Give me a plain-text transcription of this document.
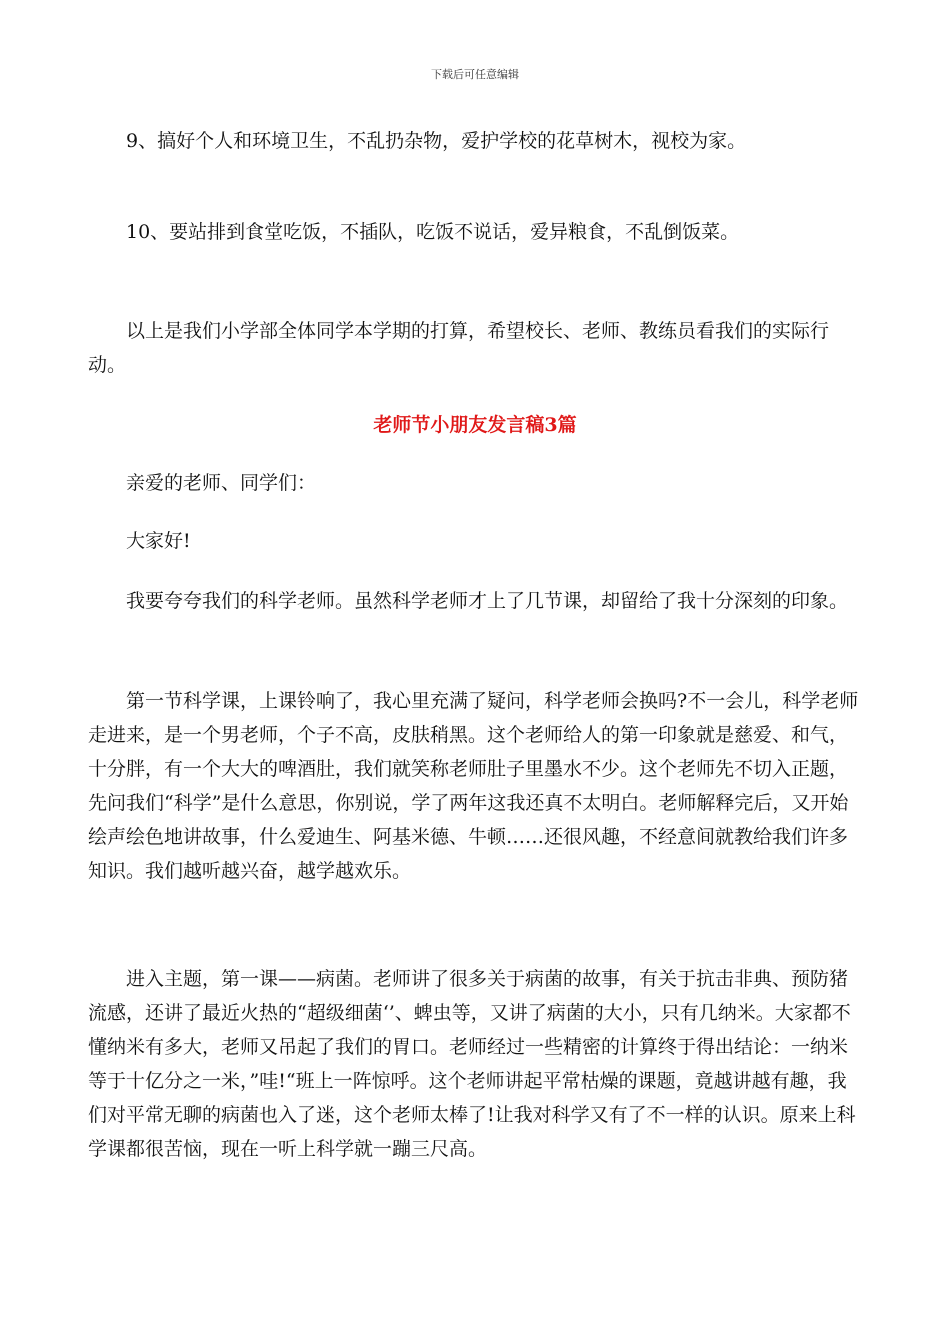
下载后可任意编辑

9、搞好个人和环境卫生，不乱扔杂物，爱护学校的花草树木，视校为家。

10、要站排到食堂吃饭，不插队，吃饭不说话，爱异粮食，不乱倒饭菜。

以上是我们小学部全体同学本学期的打算，希望校长、老师、教练员看我们的实际行动。

老师节小朋友发言稿3篇

亲爱的老师、同学们：

大家好!

我要夸夸我们的科学老师。虽然科学老师才上了几节课，却留给了我十分深刻的印象。

第一节科学课，上课铃响了，我心里充满了疑问，科学老师会换吗?不一会儿，科学老师走进来，是一个男老师，个子不高，皮肤稍黑。这个老师给人的第一印象就是慈爱、和气，十分胖，有一个大大的啤酒肚，我们就笑称老师肚子里墨水不少。这个老师先不切入正题，先问我们“科学”是什么意思，你别说，学了两年这我还真不太明白。老师解释完后，又开始绘声绘色地讲故事，什么爱迪生、阿基米德、牛顿……还很风趣，不经意间就教给我们许多知识。我们越听越兴奋，越学越欢乐。

进入主题，第一课——病菌。老师讲了很多关于病菌的故事，有关于抗击非典、预防猪流感，还讲了最近火热的“超级细菌‘’、蜱虫等，又讲了病菌的大小，只有几纳米。大家都不懂纳米有多大，老师又吊起了我们的胃口。老师经过一些精密的计算终于得出结论：一纳米等于十亿分之一米，”哇!“班上一阵惊呼。这个老师讲起平常枯燥的课题，竟越讲越有趣，我们对平常无聊的病菌也入了迷，这个老师太棒了!让我对科学又有了不一样的认识。原来上科学课都很苦恼，现在一听上科学就一蹦三尺高。
